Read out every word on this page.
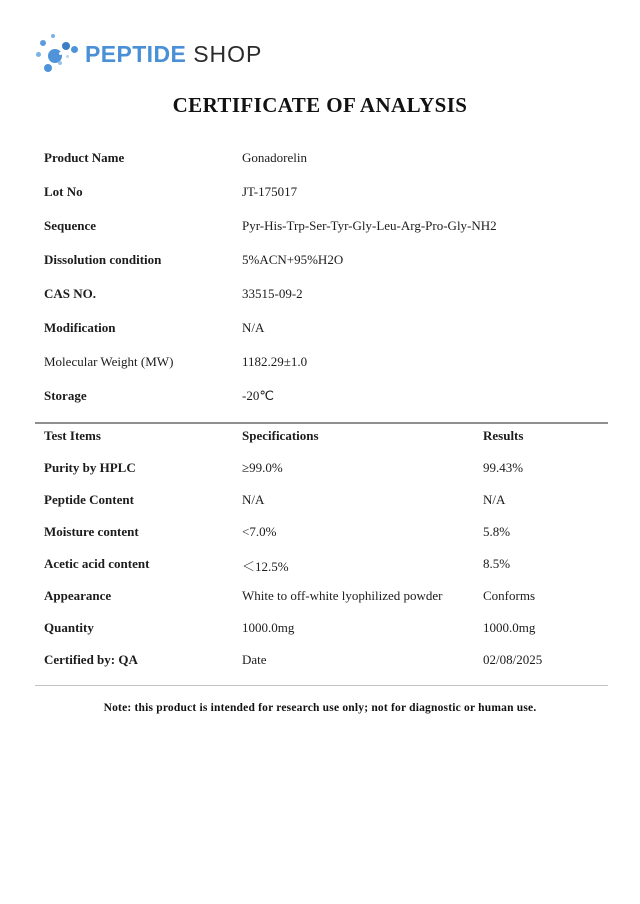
PEPTIDE SHOP
CERTIFICATE OF ANALYSIS
Product Name	Gonadorelin
Lot No	JT-175017
Sequence	Pyr-His-Trp-Ser-Tyr-Gly-Leu-Arg-Pro-Gly-NH2
Dissolution condition	5%ACN+95%H2O
CAS NO.	33515-09-2
Modification	N/A
Molecular Weight (MW)	1182.29±1.0
Storage	-20℃
Test Items	Specifications	Results
Purity by HPLC	≥99.0%	99.43%
Peptide Content	N/A	N/A
Moisture content	<7.0%	5.8%
Acetic acid content	＜12.5%	8.5%
Appearance	White to off-white lyophilized powder	Conforms
Quantity	1000.0mg	1000.0mg
Certified by: QA	Date	02/08/2025
Note: this product is intended for research use only; not for diagnostic or human use.
